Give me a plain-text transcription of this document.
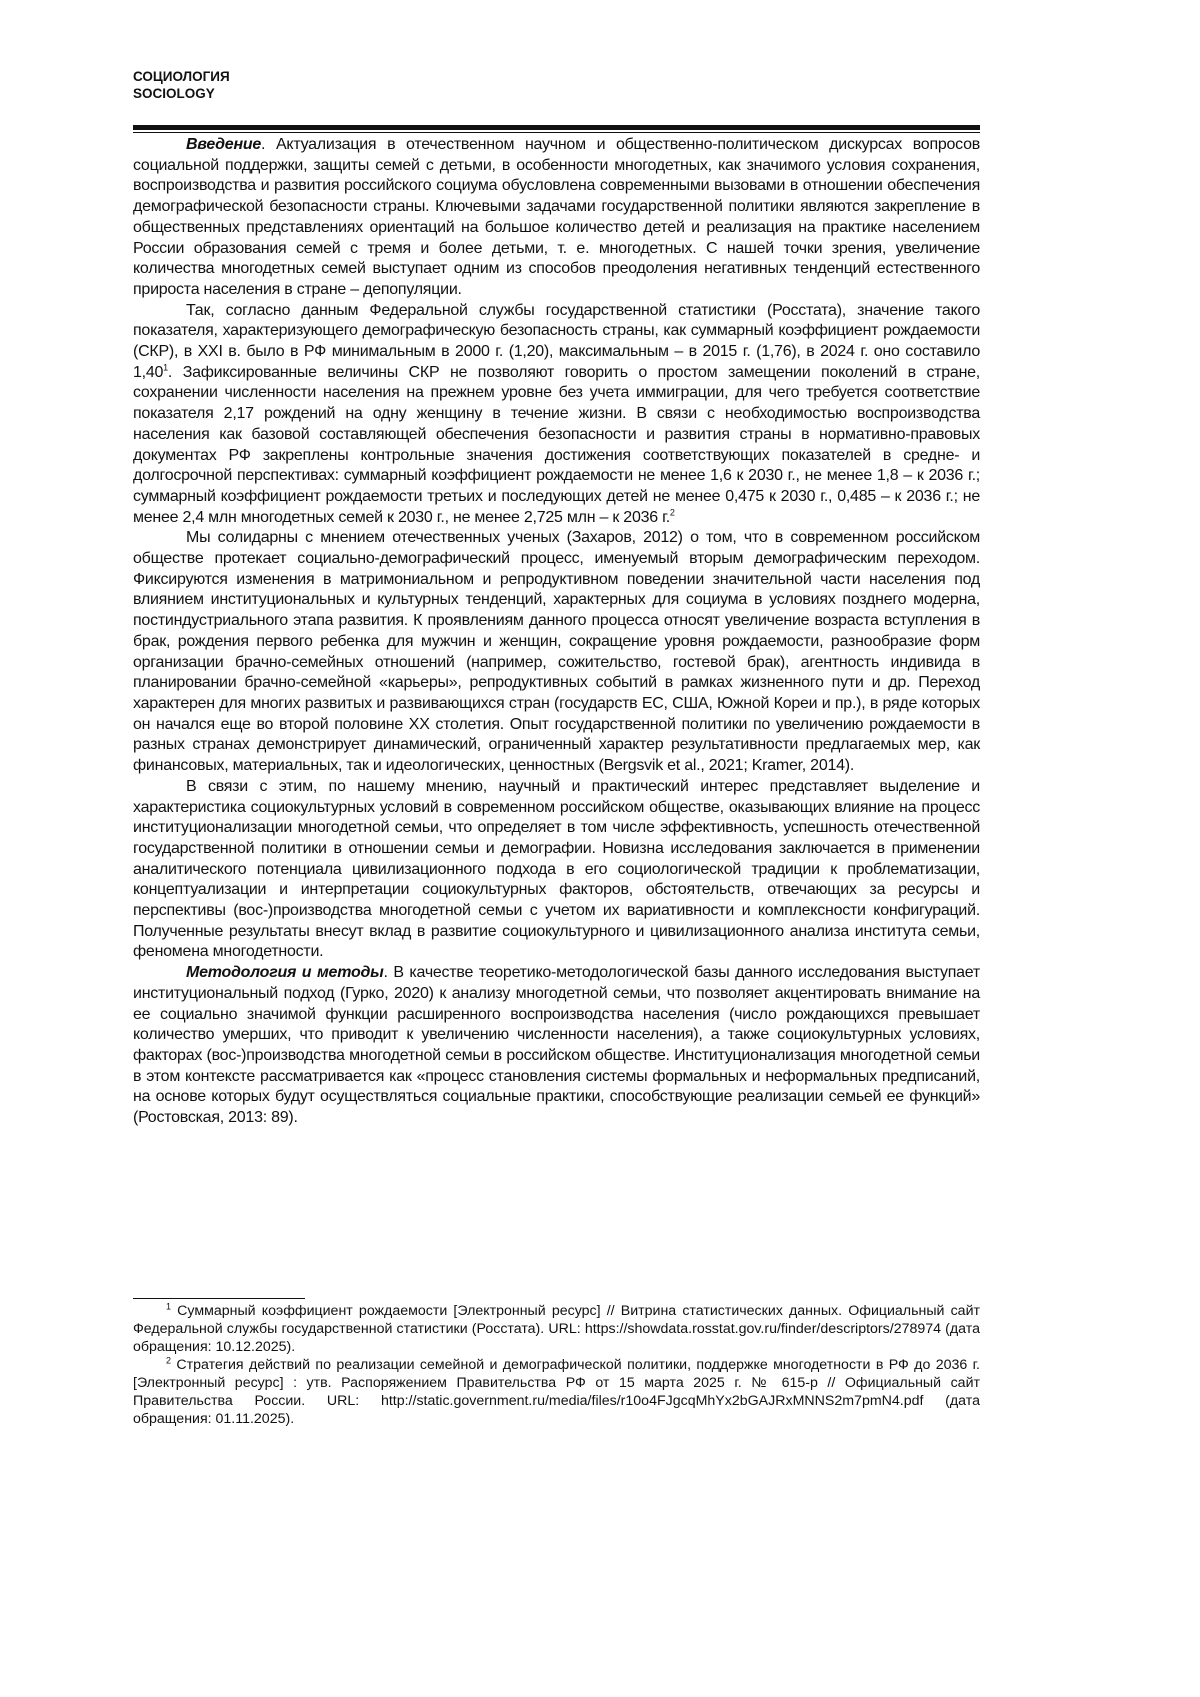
СОЦИОЛОГИЯ
SOCIOLOGY

Введение. Актуализация в отечественном научном и общественно-политическом дискурсах вопросов социальной поддержки, защиты семей с детьми, в особенности многодетных, как значимого условия сохранения, воспроизводства и развития российского социума обусловлена современными вызовами в отношении обеспечения демографической безопасности страны. Ключевыми задачами государственной политики являются закрепление в общественных представлениях ориентаций на большое количество детей и реализация на практике населением России образования семей с тремя и более детьми, т. е. многодетных. С нашей точки зрения, увеличение количества многодетных семей выступает одним из способов преодоления негативных тенденций естественного прироста населения в стране – депопуляции.

Так, согласно данным Федеральной службы государственной статистики (Росстата), значение такого показателя, характеризующего демографическую безопасность страны, как суммарный коэффициент рождаемости (СКР), в XXI в. было в РФ минимальным в 2000 г. (1,20), максимальным – в 2015 г. (1,76), в 2024 г. оно составило 1,40$^1$. Зафиксированные величины СКР не позволяют говорить о простом замещении поколений в стране, сохранении численности населения на прежнем уровне без учета иммиграции, для чего требуется соответствие показателя 2,17 рождений на одну женщину в течение жизни. В связи с необходимостью воспроизводства населения как базовой составляющей обеспечения безопасности и развития страны в нормативно-правовых документах РФ закреплены контрольные значения достижения соответствующих показателей в средне- и долгосрочной перспективах: суммарный коэффициент рождаемости не менее 1,6 к 2030 г., не менее 1,8 – к 2036 г.; суммарный коэффициент рождаемости третьих и последующих детей не менее 0,475 к 2030 г., 0,485 – к 2036 г.; не менее 2,4 млн многодетных семей к 2030 г., не менее 2,725 млн – к 2036 г.$^2$

Мы солидарны с мнением отечественных ученых (Захаров, 2012) о том, что в современном российском обществе протекает социально-демографический процесс, именуемый вторым демографическим переходом. Фиксируются изменения в матримониальном и репродуктивном поведении значительной части населения под влиянием институциональных и культурных тенденций, характерных для социума в условиях позднего модерна, постиндустриального этапа развития. К проявлениям данного процесса относят увеличение возраста вступления в брак, рождения первого ребенка для мужчин и женщин, сокращение уровня рождаемости, разнообразие форм организации брачно-семейных отношений (например, сожительство, гостевой брак), агентность индивида в планировании брачно-семейной «карьеры», репродуктивных событий в рамках жизненного пути и др. Переход характерен для многих развитых и развивающихся стран (государств ЕС, США, Южной Кореи и пр.), в ряде которых он начался еще во второй половине XX столетия. Опыт государственной политики по увеличению рождаемости в разных странах демонстрирует динамический, ограниченный характер результативности предлагаемых мер, как финансовых, материальных, так и идеологических, ценностных (Bergsvik et al., 2021; Kramer, 2014).

В связи с этим, по нашему мнению, научный и практический интерес представляет выделение и характеристика социокультурных условий в современном российском обществе, оказывающих влияние на процесс институционализации многодетной семьи, что определяет в том числе эффективность, успешность отечественной государственной политики в отношении семьи и демографии. Новизна исследования заключается в применении аналитического потенциала цивилизационного подхода в его социологической традиции к проблематизации, концептуализации и интерпретации социокультурных факторов, обстоятельств, отвечающих за ресурсы и перспективы (вос-)производства многодетной семьи с учетом их вариативности и комплексности конфигураций. Полученные результаты внесут вклад в развитие социокультурного и цивилизационного анализа института семьи, феномена многодетности.

Методология и методы. В качестве теоретико-методологической базы данного исследования выступает институциональный подход (Гурко, 2020) к анализу многодетной семьи, что позволяет акцентировать внимание на ее социально значимой функции расширенного воспроизводства населения (число рождающихся превышает количество умерших, что приводит к увеличению численности населения), а также социокультурных условиях, факторах (вос-)производства многодетной семьи в российском обществе. Институционализация многодетной семьи в этом контексте рассматривается как «процесс становления системы формальных и неформальных предписаний, на основе которых будут осуществляться социальные практики, способствующие реализации семьей ее функций» (Ростовская, 2013: 89).

$^1$ Суммарный коэффициент рождаемости [Электронный ресурс] // Витрина статистических данных. Официальный сайт Федеральной службы государственной статистики (Росстата). URL: https://showdata.rosstat.gov.ru/finder/descriptors/278974 (дата обращения: 10.12.2025).

$^2$ Стратегия действий по реализации семейной и демографической политики, поддержке многодетности в РФ до 2036 г. [Электронный ресурс] : утв. Распоряжением Правительства РФ от 15 марта 2025 г. № 615-р // Официальный сайт Правительства России. URL: http://static.government.ru/media/files/r10o4FJgcqMhYx2bGAJRxMNNS2m7pmN4.pdf (дата обращения: 01.11.2025).
